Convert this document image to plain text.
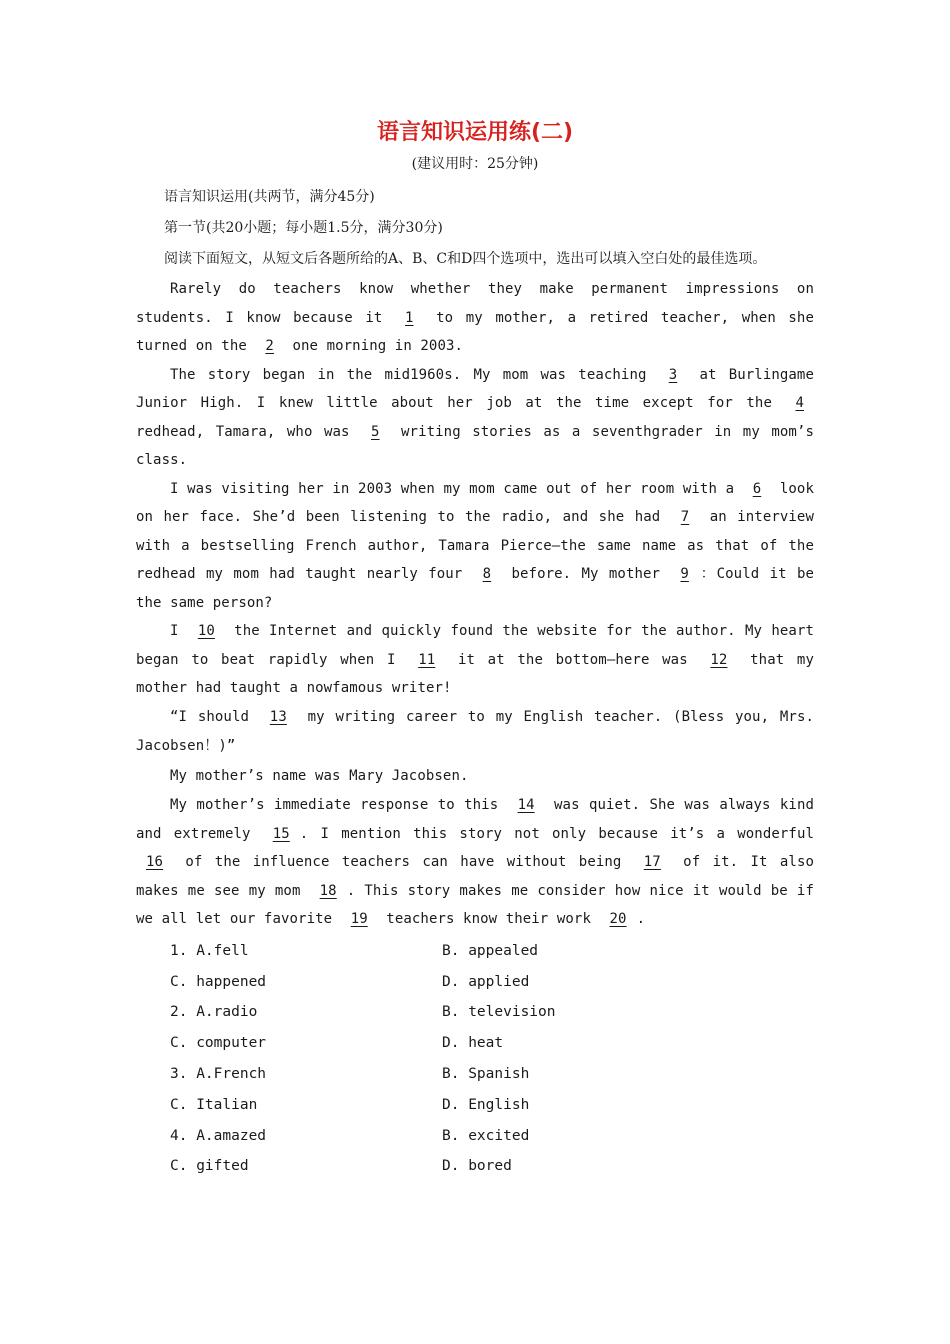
语言知识运用练(二)
(建议用时：25分钟)

语言知识运用(共两节，满分45分)

第一节(共20小题；每小题1.5分，满分30分)

阅读下面短文，从短文后各题所给的A、B、C和D四个选项中，选出可以填入空白处的最佳选项。

Rarely do teachers know whether they make permanent impressions on students. I know because it 1 to my mother, a retired teacher, when she turned on the 2 one morning in 2003.

The story began in the mid1960s. My mom was teaching 3 at Burlingame Junior High. I knew little about her job at the time except for the 4 redhead, Tamara, who was 5 writing stories as a seventhgrader in my mom’s class.

I was visiting her in 2003 when my mom came out of her room with a 6 look on her face. She’d been listening to the radio, and she had 7 an interview with a bestselling French author, Tamara Pierce—the same name as that of the redhead my mom had taught nearly four 8 before. My mother 9 ：Could it be the same person?

I 10 the Internet and quickly found the website for the author. My heart began to beat rapidly when I 11 it at the bottom—here was 12 that my mother had taught a nowfamous writer!

“I should 13 my writing career to my English teacher. (Bless you, Mrs. Jacobsen！)”

My mother’s name was Mary Jacobsen.

My mother’s immediate response to this 14 was quiet. She was always kind and extremely 15 . I mention this story not only because it’s a wonderful 16 of the influence teachers can have without being 17 of it. It also makes me see my mom 18 . This story makes me consider how nice it would be if we all let our favorite 19 teachers know their work 20 .

1. A.fell	B. appealed
C. happened	D. applied
2. A.radio	B. television
C. computer	D. heat
3. A.French	B. Spanish
C. Italian	D. English
4. A.amazed	B. excited
C. gifted	D. bored
